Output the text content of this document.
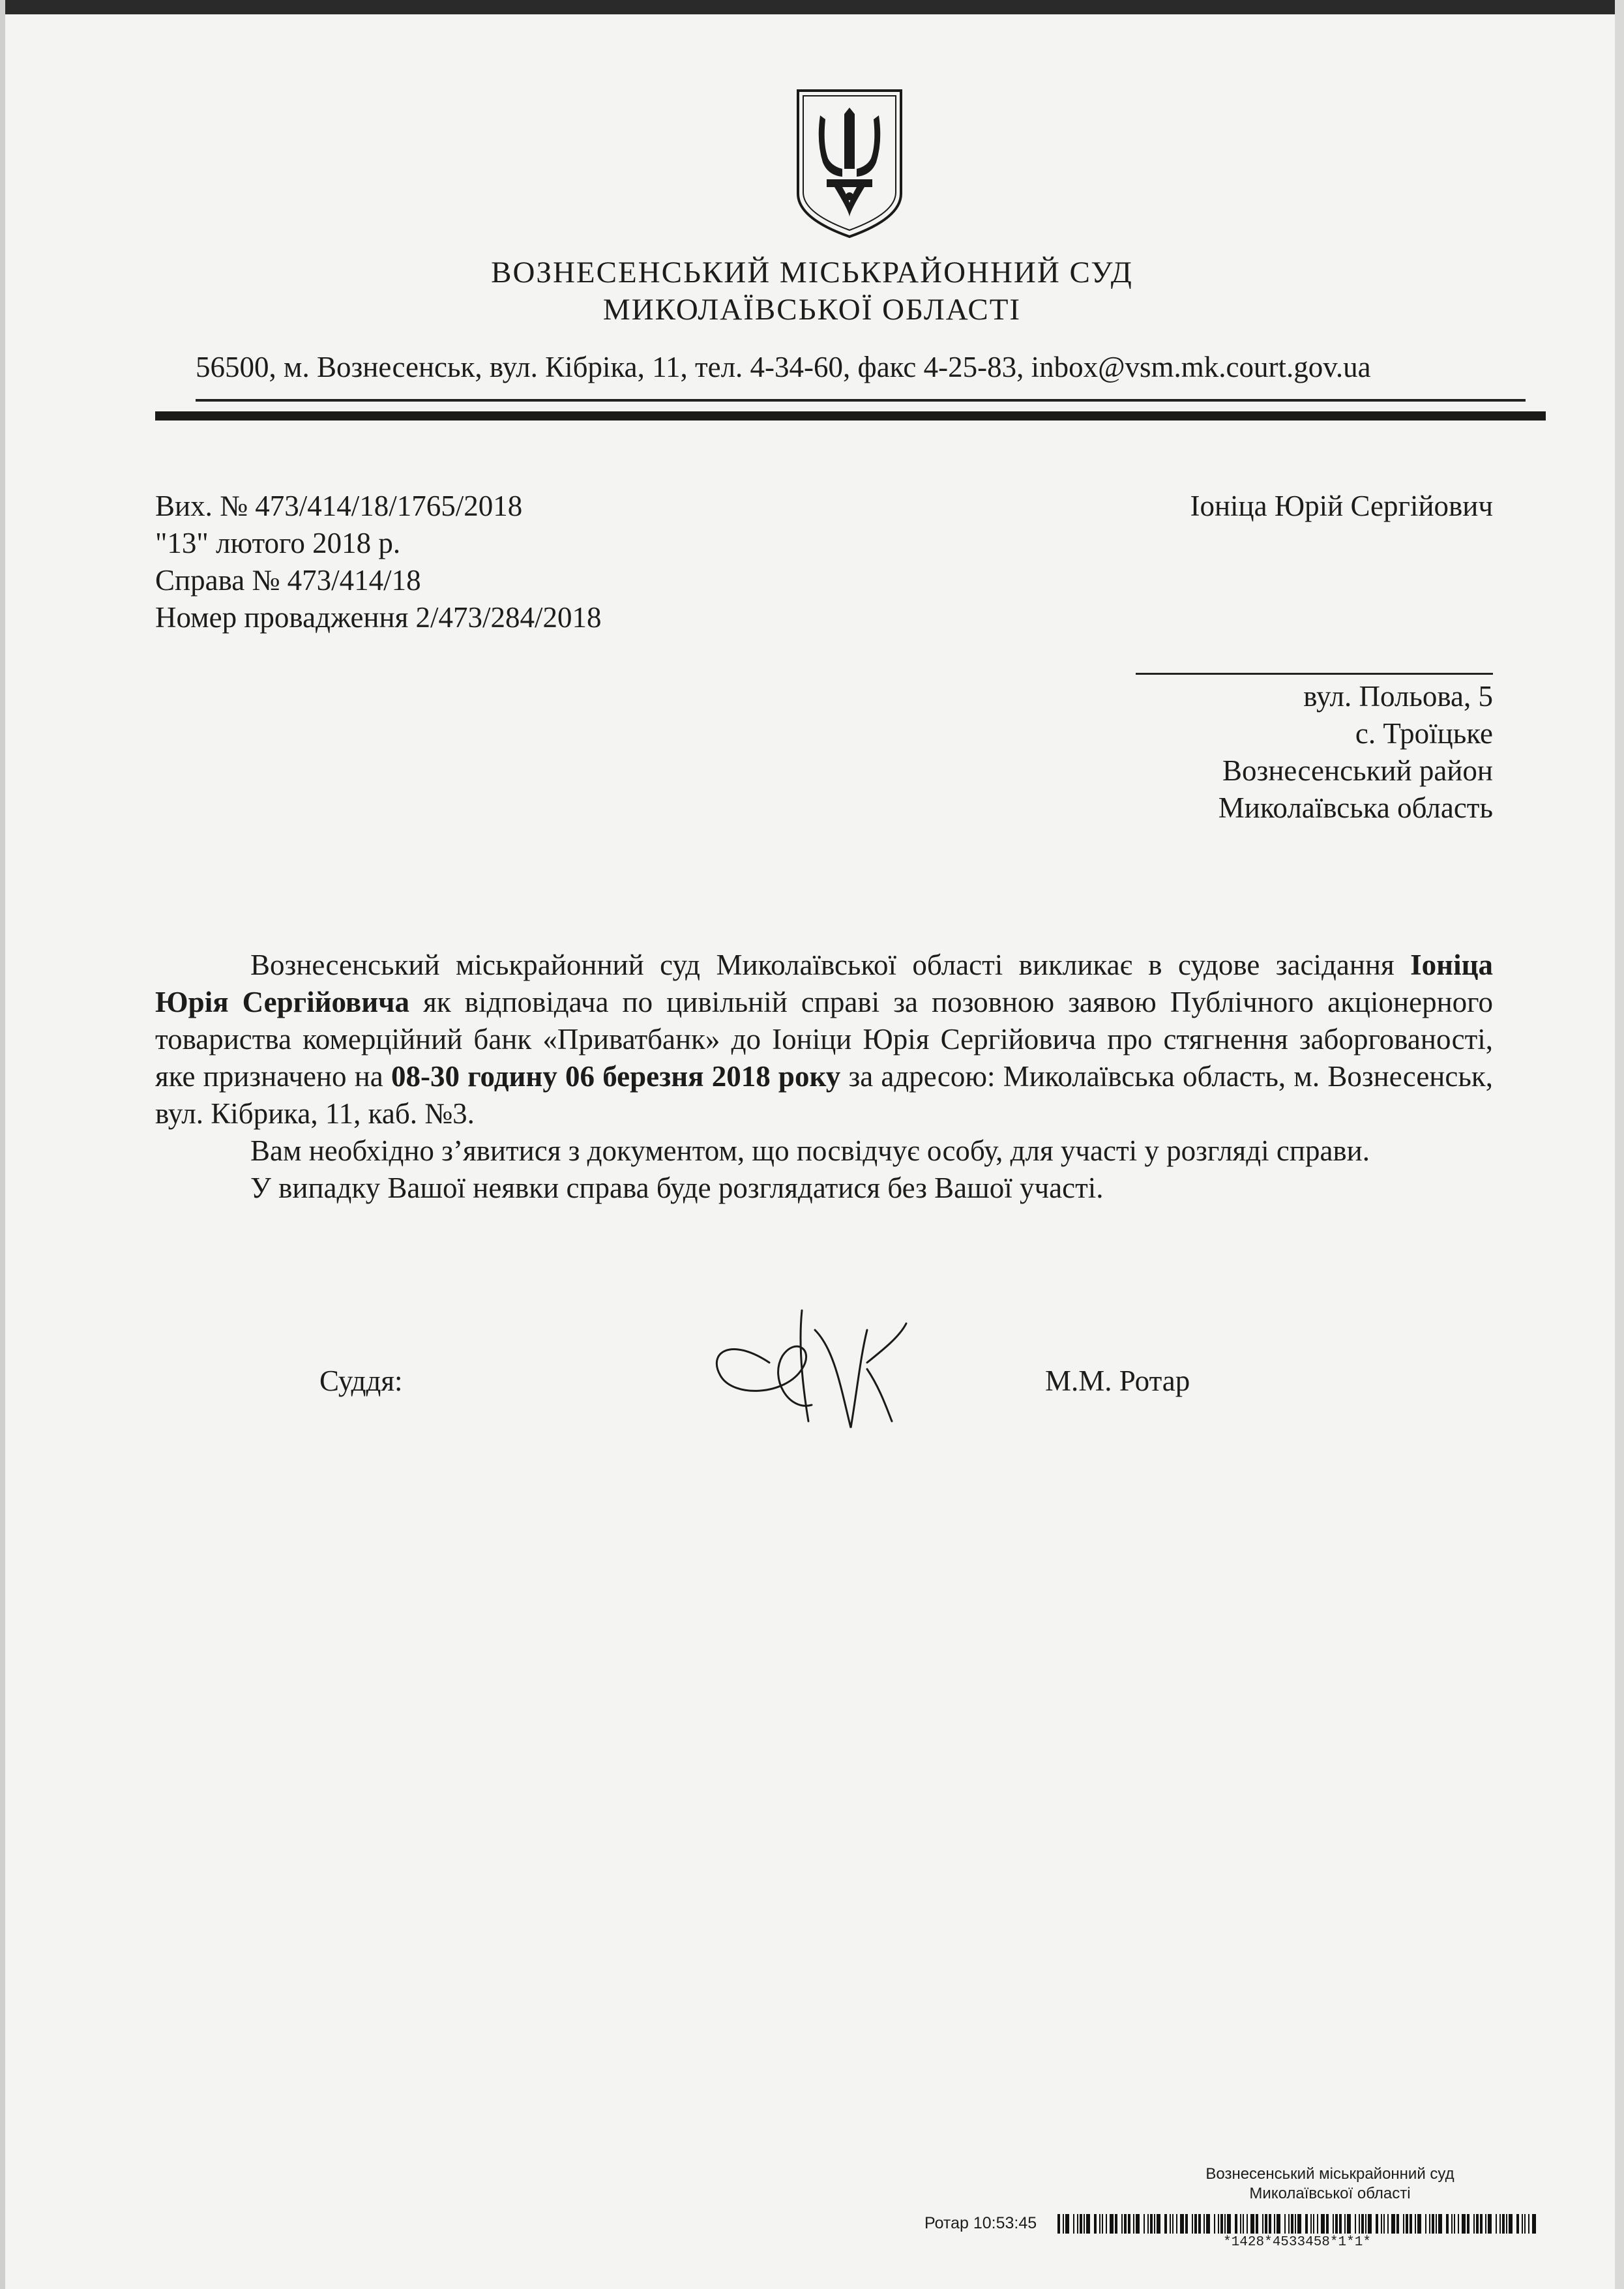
ВОЗНЕСЕНСЬКИЙ МІСЬКРАЙОННИЙ СУД
МИКОЛАЇВСЬКОЇ ОБЛАСТІ
56500, м. Вознесенськ, вул. Кібріка, 11, тел. 4-34-60, факс 4-25-83, inbox@vsm.mk.court.gov.ua
Вих. № 473/414/18/1765/2018
"13" лютого 2018 р.
Справа № 473/414/18
Номер провадження 2/473/284/2018
Іоніца Юрій Сергійович
вул. Польова, 5
с. Троїцьке
Вознесенський район
Миколаївська область

Вознесенський міськрайонний суд Миколаївської області викликає в судове засідання Іоніца Юрія Сергійовича як відповідача по цивільній справі за позовною заявою Публічного акціонерного товариства комерційний банк «Приватбанк» до Іоніци Юрія Сергійовича про стягнення заборгованості, яке призначено на 08-30 годину 06 березня 2018 року за адресою: Миколаївська область, м. Вознесенськ, вул. Кібрика, 11, каб. №3.

Вам необхідно з’явитися з документом, що посвідчує особу, для участі у розгляді справи.

У випадку Вашої неявки справа буде розглядатися без Вашої участі.

Суддя:	М.М. Ротар
Вознесенський міськрайонний суд
Миколаївської області
Ротар 10:53:45
*1428*4533458*1*1*
